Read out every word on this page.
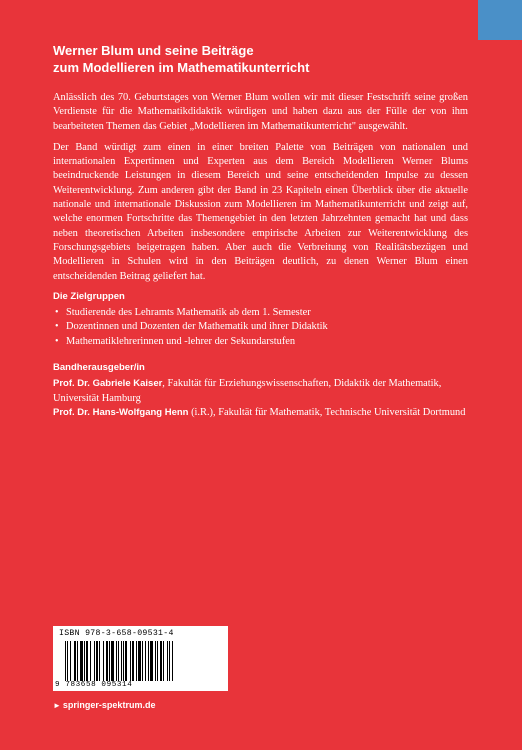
Werner Blum und seine Beiträge
zum Modellieren im Mathematikunterricht

Anlässlich des 70. Geburtstages von Werner Blum wollen wir mit dieser Festschrift seine großen Verdienste für die Mathematikdidaktik würdigen und haben dazu aus der Fülle der von ihm bearbeiteten Themen das Gebiet „Modellieren im Mathematikunterricht" ausgewählt.

Der Band würdigt zum einen in einer breiten Palette von Beiträgen von nationalen und internationalen Expertinnen und Experten aus dem Bereich Modellieren Werner Blums beeindruckende Leistungen in diesem Bereich und seine entscheidenden Impulse zu dessen Weiterentwicklung. Zum anderen gibt der Band in 23 Kapiteln einen Überblick über die aktuelle nationale und internationale Diskussion zum Modellieren im Mathematikunterricht und zeigt auf, welche enormen Fortschritte das Themengebiet in den letzten Jahrzehnten gemacht hat und dass neben theoretischen Arbeiten insbesondere empirische Arbeiten zur Weiterentwicklung des Forschungsgebiets beigetragen haben. Aber auch die Verbreitung von Realitätsbezügen und Modellieren in Schulen wird in den Beiträgen deutlich, zu denen Werner Blum einen entscheidenden Beitrag geliefert hat.

Die Zielgruppen
• Studierende des Lehramts Mathematik ab dem 1. Semester
• Dozentinnen und Dozenten der Mathematik und ihrer Didaktik
• Mathematiklehrerinnen und -lehrer der Sekundarstufen
Bandherausgeber/in

Prof. Dr. Gabriele Kaiser, Fakultät für Erziehungswissenschaften, Didaktik der Mathematik, Universität Hamburg

Prof. Dr. Hans-Wolfgang Henn (i.R.), Fakultät für Mathematik, Technische Universität Dortmund

ISBN 978-3-658-09531-4
9 783658 095314
► springer-spektrum.de
